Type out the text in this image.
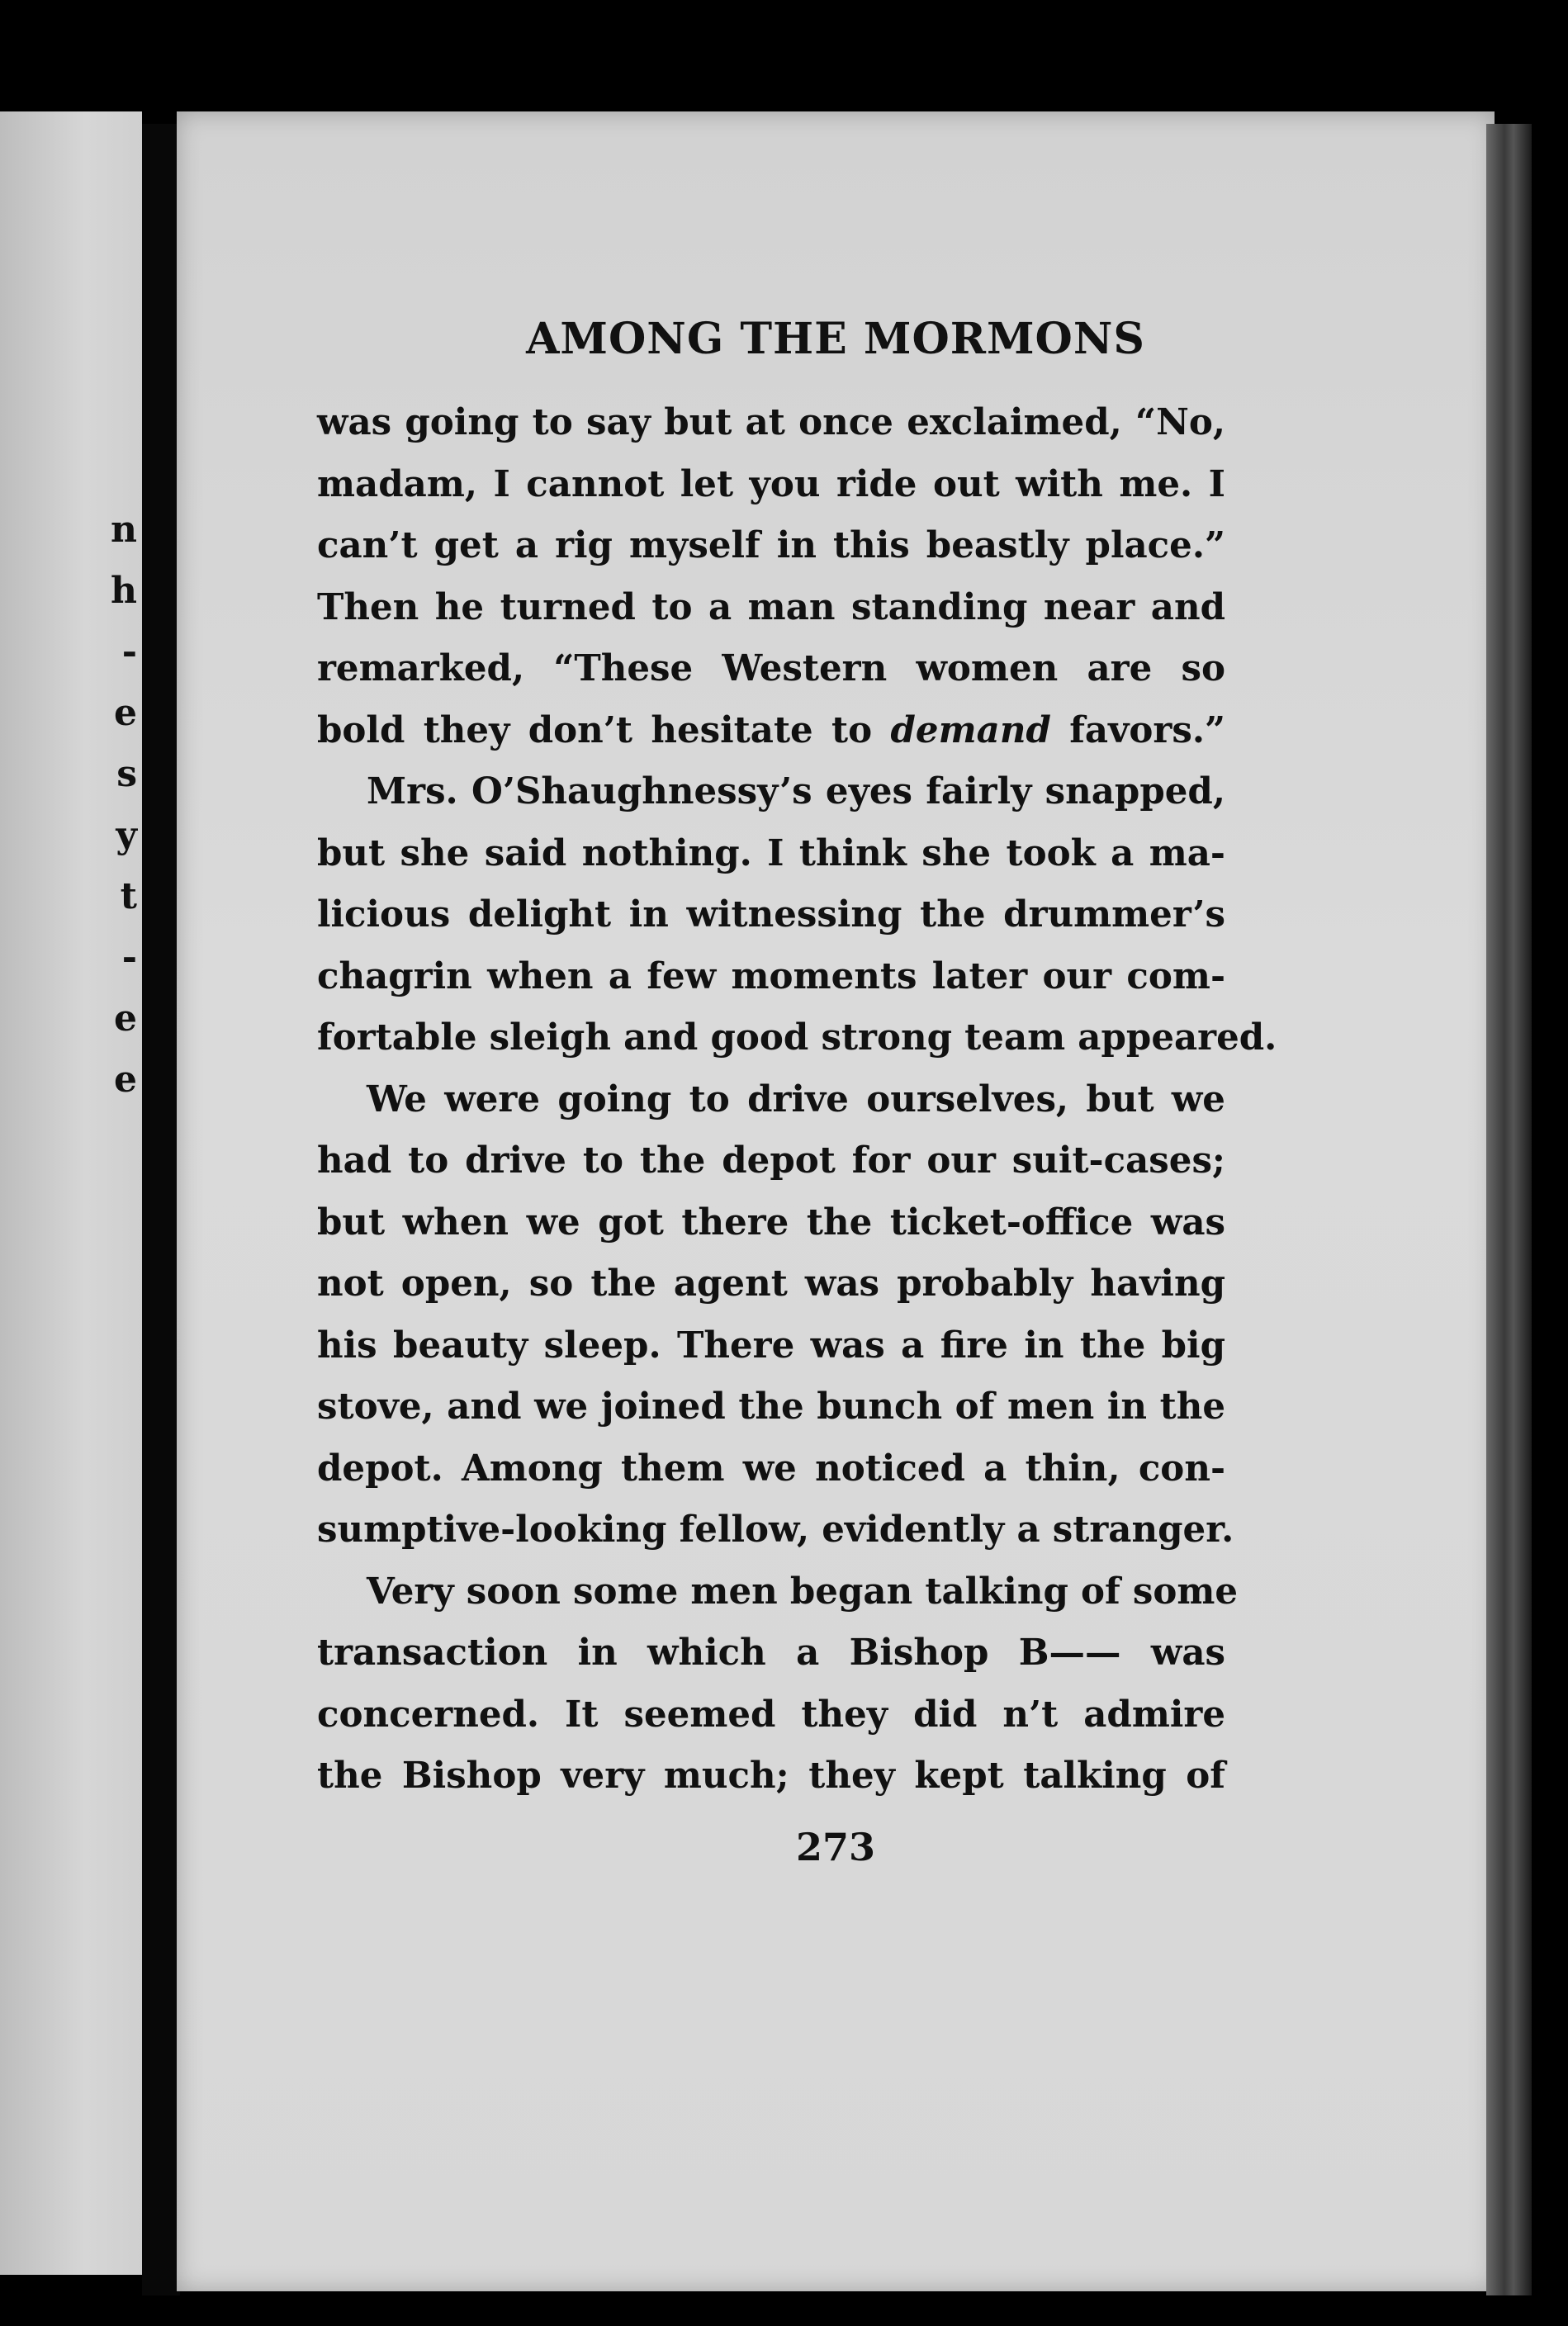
n
h
-
e
s
y
t
-
e
e
AMONG THE MORMONS
was going to say but at once exclaimed, “No,
madam, I cannot let you ride out with me. I
can’t get a rig myself in this beastly place.”
Then he turned to a man standing near and
remarked, “These Western women are so
bold they don’t hesitate to demand favors.”
Mrs. O’Shaughnessy’s eyes fairly snapped,
but she said nothing. I think she took a ma-
licious delight in witnessing the drummer’s
chagrin when a few moments later our com-
fortable sleigh and good strong team appeared.
We were going to drive ourselves, but we
had to drive to the depot for our suit-cases;
but when we got there the ticket-office was
not open, so the agent was probably having
his beauty sleep. There was a fire in the big
stove, and we joined the bunch of men in the
depot. Among them we noticed a thin, con-
sumptive-looking fellow, evidently a stranger.
Very soon some men began talking of some
transaction in which a Bishop B—— was
concerned. It seemed they did n’t admire
the Bishop very much; they kept talking of
273
